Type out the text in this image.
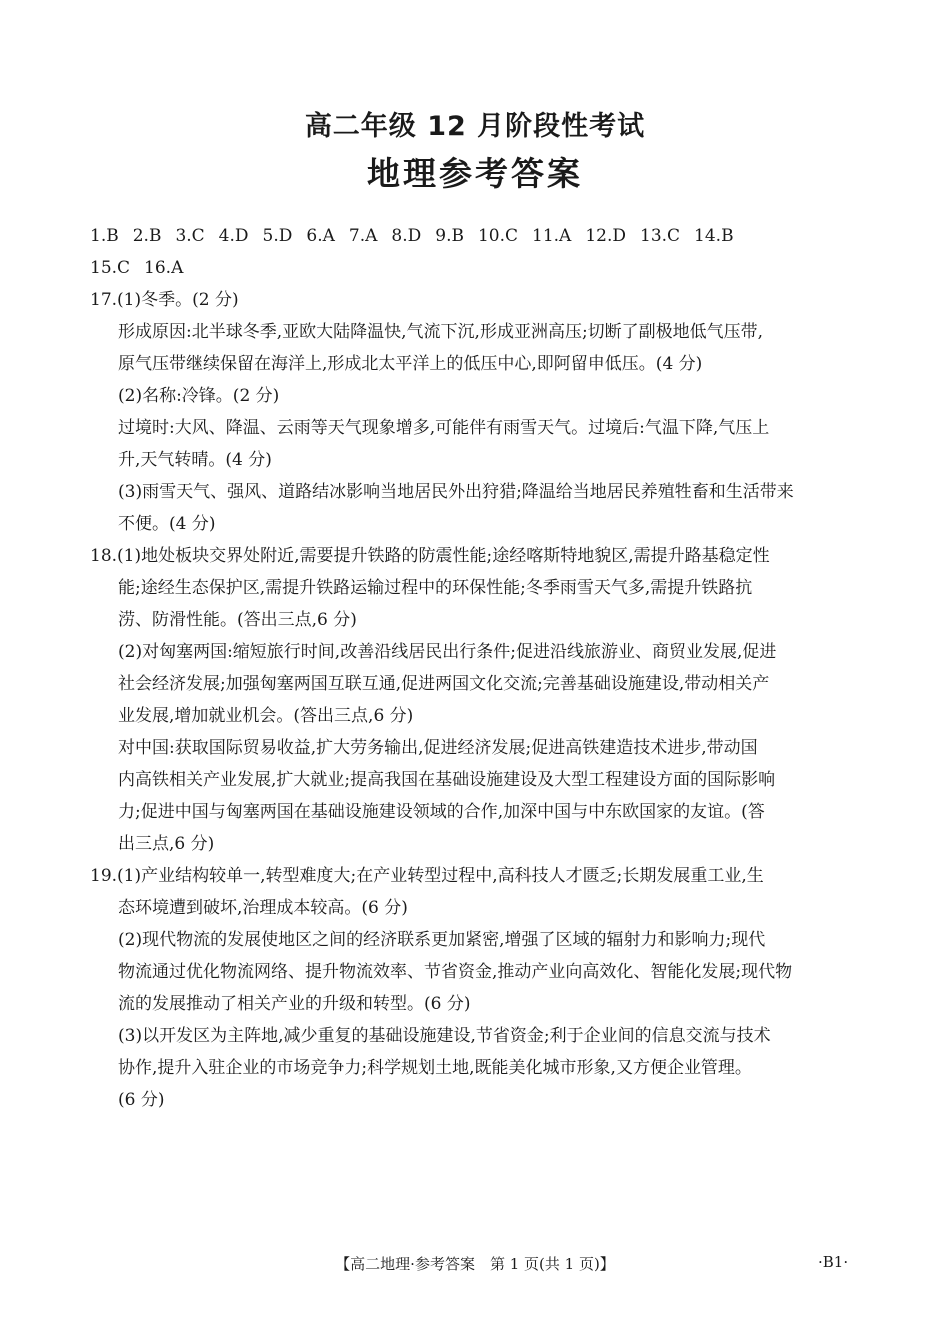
高二年级 12 月阶段性考试
地理参考答案
1.B 2.B 3.C 4.D 5.D 6.A 7.A 8.D 9.B 10.C 11.A 12.D 13.C 14.B
15.C 16.A
17.(1)冬季。(2 分)
形成原因:北半球冬季,亚欧大陆降温快,气流下沉,形成亚洲高压;切断了副极地低气压带,
原气压带继续保留在海洋上,形成北太平洋上的低压中心,即阿留申低压。(4 分)
(2)名称:冷锋。(2 分)
过境时:大风、降温、云雨等天气现象增多,可能伴有雨雪天气。过境后:气温下降,气压上
升,天气转晴。(4 分)
(3)雨雪天气、强风、道路结冰影响当地居民外出狩猎;降温给当地居民养殖牲畜和生活带来
不便。(4 分)
18.(1)地处板块交界处附近,需要提升铁路的防震性能;途经喀斯特地貌区,需提升路基稳定性
能;途经生态保护区,需提升铁路运输过程中的环保性能;冬季雨雪天气多,需提升铁路抗
涝、防滑性能。(答出三点,6 分)
(2)对匈塞两国:缩短旅行时间,改善沿线居民出行条件;促进沿线旅游业、商贸业发展,促进
社会经济发展;加强匈塞两国互联互通,促进两国文化交流;完善基础设施建设,带动相关产
业发展,增加就业机会。(答出三点,6 分)
对中国:获取国际贸易收益,扩大劳务输出,促进经济发展;促进高铁建造技术进步,带动国
内高铁相关产业发展,扩大就业;提高我国在基础设施建设及大型工程建设方面的国际影响
力;促进中国与匈塞两国在基础设施建设领域的合作,加深中国与中东欧国家的友谊。(答
出三点,6 分)
19.(1)产业结构较单一,转型难度大;在产业转型过程中,高科技人才匮乏;长期发展重工业,生
态环境遭到破坏,治理成本较高。(6 分)
(2)现代物流的发展使地区之间的经济联系更加紧密,增强了区域的辐射力和影响力;现代
物流通过优化物流网络、提升物流效率、节省资金,推动产业向高效化、智能化发展;现代物
流的发展推动了相关产业的升级和转型。(6 分)
(3)以开发区为主阵地,减少重复的基础设施建设,节省资金;利于企业间的信息交流与技术
协作,提升入驻企业的市场竞争力;科学规划土地,既能美化城市形象,又方便企业管理。
(6 分)
【高二地理·参考答案　第 1 页(共 1 页)】	·B1·
